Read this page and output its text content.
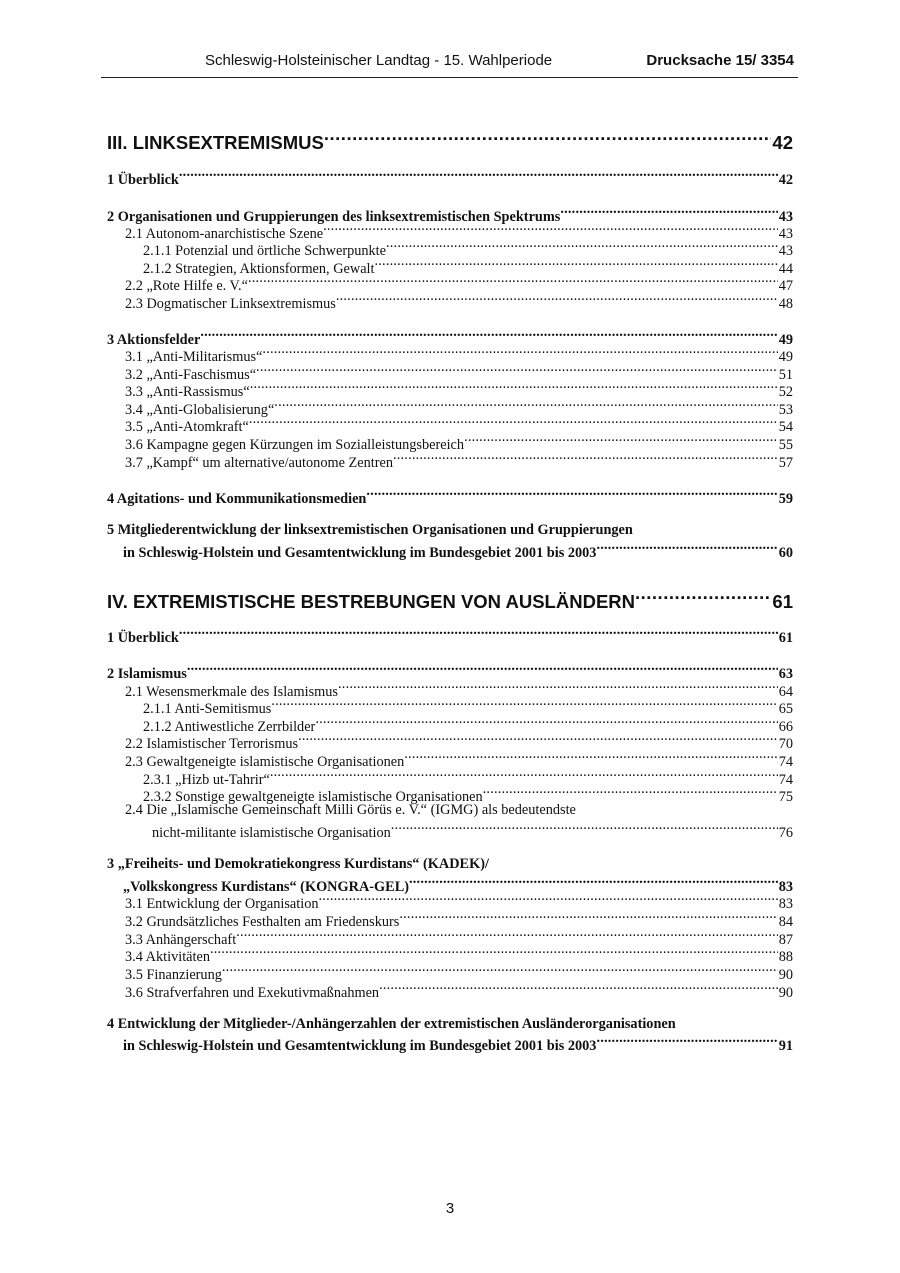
Schleswig-Holsteinischer Landtag - 15. Wahlperiode	Drucksache 15/ 3354
III. LINKSEXTREMISMUS .....	42
1 Überblick .....	42
2 Organisationen und Gruppierungen des linksextremistischen Spektrums .....	43
2.1 Autonom-anarchistische Szene .....	43
2.1.1 Potenzial und örtliche Schwerpunkte .....	43
2.1.2 Strategien, Aktionsformen, Gewalt .....	44
2.2 „Rote Hilfe e. V.“ .....	47
2.3 Dogmatischer Linksextremismus .....	48
3 Aktionsfelder .....	49
3.1 „Anti-Militarismus“ .....	49
3.2 „Anti-Faschismus“ .....	51
3.3 „Anti-Rassismus“ .....	52
3.4 „Anti-Globalisierung“ .....	53
3.5 „Anti-Atomkraft“ .....	54
3.6 Kampagne gegen Kürzungen im Sozialleistungsbereich .....	55
3.7 „Kampf“ um alternative/autonome Zentren .....	57
4 Agitations- und Kommunikationsmedien .....	59
5 Mitgliederentwicklung der linksextremistischen Organisationen und Gruppierungen
in Schleswig-Holstein und Gesamtentwicklung im Bundesgebiet 2001 bis 2003 .....	60
IV. EXTREMISTISCHE BESTREBUNGEN VON AUSLÄNDERN .....	61
1 Überblick .....	61
2 Islamismus .....	63
2.1 Wesensmerkmale des Islamismus .....	64
2.1.1 Anti-Semitismus .....	65
2.1.2 Antiwestliche Zerrbilder .....	66
2.2 Islamistischer Terrorismus .....	70
2.3 Gewaltgeneigte islamistische Organisationen .....	74
2.3.1 „Hizb ut-Tahrir“ .....	74
2.3.2 Sonstige gewaltgeneigte islamistische Organisationen .....	75
2.4 Die „Islamische Gemeinschaft Milli Görüs e. V.“ (IGMG) als bedeutendste
nicht-militante islamistische Organisation .....	76
3 „Freiheits- und Demokratiekongress Kurdistans“ (KADEK)/
„Volkskongress Kurdistans“ (KONGRA-GEL) .....	83
3.1 Entwicklung der Organisation .....	83
3.2 Grundsätzliches Festhalten am Friedenskurs .....	84
3.3 Anhängerschaft .....	87
3.4 Aktivitäten .....	88
3.5 Finanzierung .....	90
3.6 Strafverfahren und Exekutivmaßnahmen .....	90
4 Entwicklung der Mitglieder-/Anhängerzahlen der extremistischen Ausländerorganisationen
in Schleswig-Holstein und Gesamtentwicklung im Bundesgebiet 2001 bis 2003 .....	91
3
